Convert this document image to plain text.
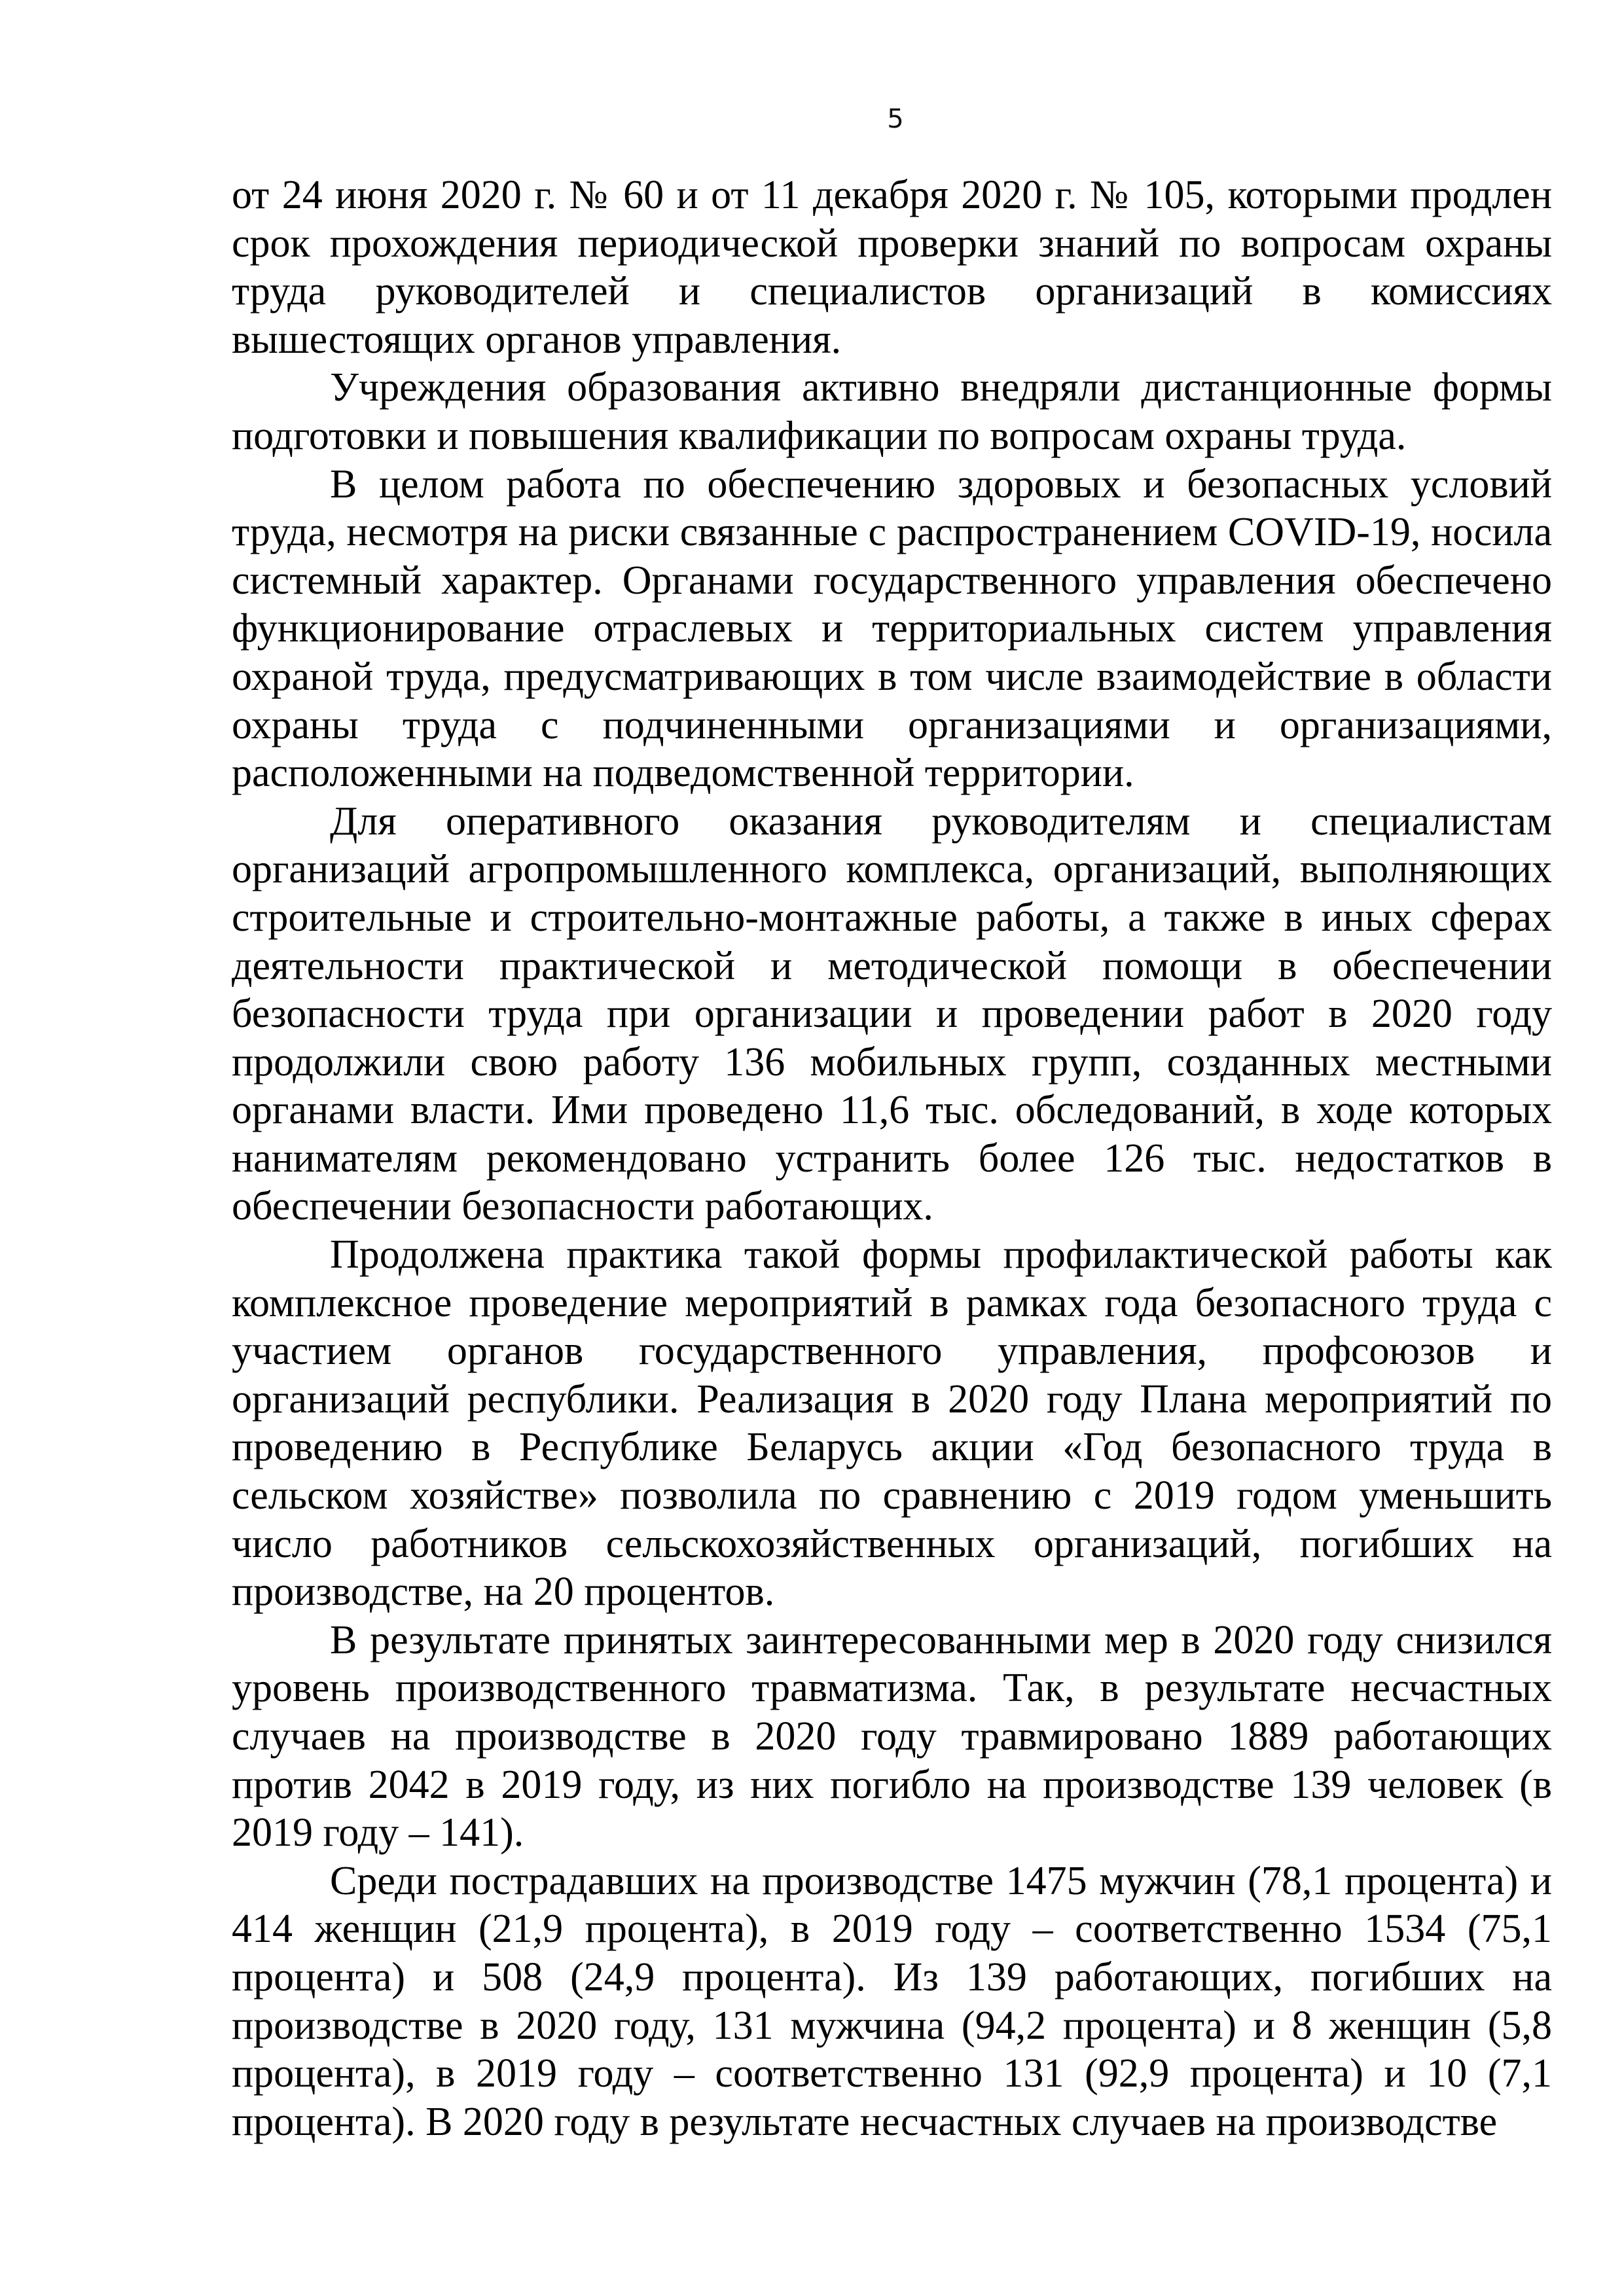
5

от 24 июня 2020 г. № 60 и от 11 декабря 2020 г. № 105, которыми продлен срок прохождения периодической проверки знаний по вопросам охраны труда руководителей и специалистов организаций в комиссиях вышестоящих органов управления.

Учреждения образования активно внедряли дистанционные формы подготовки и повышения квалификации по вопросам охраны труда.

В целом работа по обеспечению здоровых и безопасных условий труда, несмотря на риски связанные с распространением COVID-19, носила системный характер. Органами государственного управления обеспечено функционирование отраслевых и территориальных систем управления охраной труда, предусматривающих в том числе взаимодействие в области охраны труда с подчиненными организациями и организациями, расположенными на подведомственной территории.

Для оперативного оказания руководителям и специалистам организаций агропромышленного комплекса, организаций, выполняющих строительные и строительно-монтажные работы, а также в иных сферах деятельности практической и методической помощи в обеспечении безопасности труда при организации и проведении работ в 2020 году продолжили свою работу 136 мобильных групп, созданных местными органами власти. Ими проведено 11,6 тыс. обследований, в ходе которых нанимателям рекомендовано устранить более 126 тыс. недостатков в обеспечении безопасности работающих.

Продолжена практика такой формы профилактической работы как комплексное проведение мероприятий в рамках года безопасного труда с участием органов государственного управления, профсоюзов и организаций республики. Реализация в 2020 году Плана мероприятий по проведению в Республике Беларусь акции «Год безопасного труда в сельском хозяйстве» позволила по сравнению с 2019 годом уменьшить число работников сельскохозяйственных организаций, погибших на производстве, на 20 процентов.

В результате принятых заинтересованными мер в 2020 году снизился уровень производственного травматизма. Так, в результате несчастных случаев на производстве в 2020 году травмировано 1889 работающих против 2042 в 2019 году, из них погибло на производстве 139 человек (в 2019 году – 141).

Среди пострадавших на производстве 1475 мужчин (78,1 процента) и 414 женщин (21,9 процента), в 2019 году – соответственно 1534 (75,1 процента) и 508 (24,9 процента). Из 139 работающих, погибших на производстве в 2020 году, 131 мужчина (94,2 процента) и 8 женщин (5,8 процента), в 2019 году – соответственно 131 (92,9 процента) и 10 (7,1 процента). В 2020 году в результате несчастных случаев на производстве
